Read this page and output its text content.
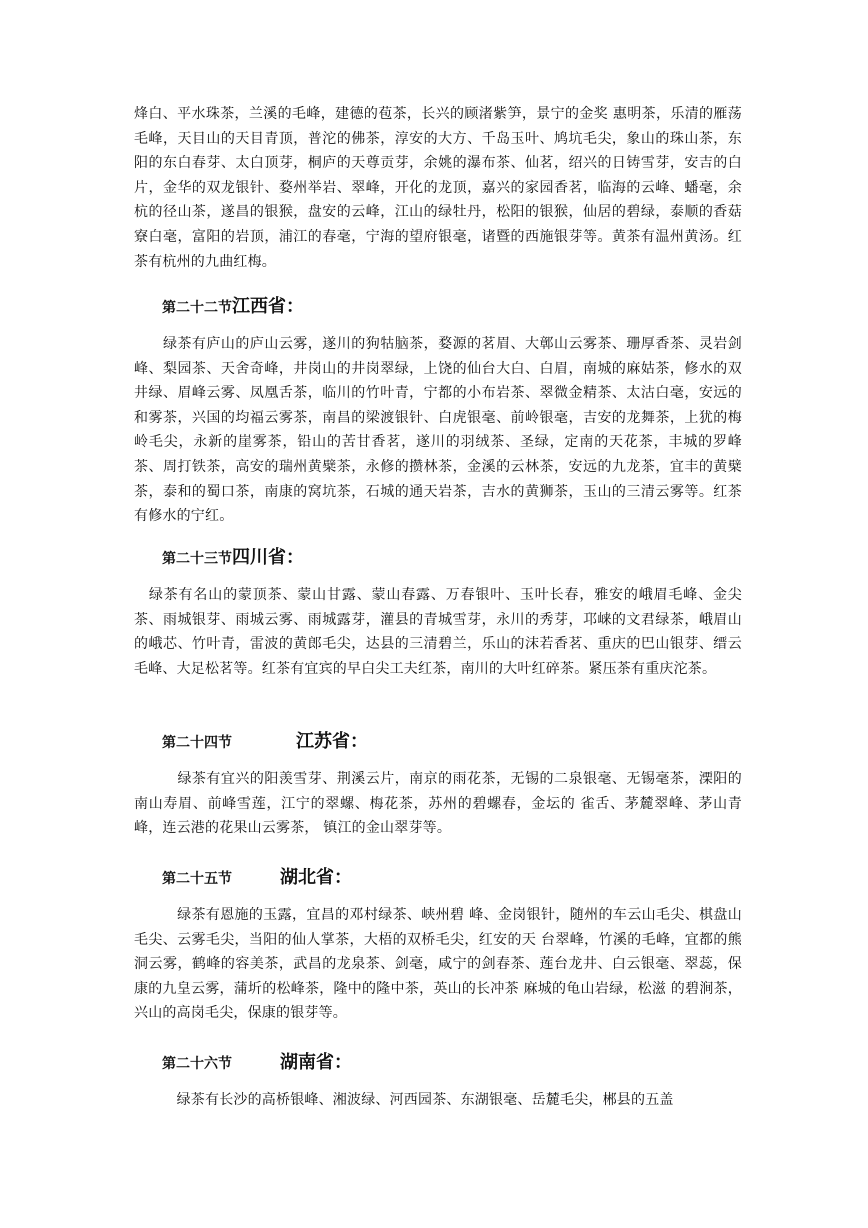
烽白、平水珠茶，兰溪的毛峰，建德的苞茶，长兴的顾渚紫笋，景宁的金奖 惠明茶，乐清的雁荡毛峰，天目山的天目青顶，普沱的佛茶，淳安的大方、千岛玉叶、鸠坑毛尖，象山的珠山茶，东阳的东白春芽、太白顶芽，桐庐的天尊贡芽，余姚的瀑布茶、仙茗，绍兴的日铸雪芽，安吉的白片，金华的双龙银针、婺州举岩、翠峰，开化的龙顶，嘉兴的家园香茗，临海的云峰、蟠毫，余杭的径山茶，遂昌的银猴，盘安的云峰，江山的绿牡丹，松阳的银猴，仙居的碧绿，泰顺的香菇寮白毫，富阳的岩顶，浦江的春毫，宁海的望府银毫，诸暨的西施银芽等。黄茶有温州黄汤。红茶有杭州的九曲红梅。

第二十二节江西省：

　　绿茶有庐山的庐山云雾，遂川的狗牯脑茶，婺源的茗眉、大鄣山云雾茶、珊厚香茶、灵岩剑峰、梨园茶、天舍奇峰，井岗山的井岗翠绿，上饶的仙台大白、白眉，南城的麻姑茶，修水的双井绿、眉峰云雾、凤凰舌茶，临川的竹叶青，宁都的小布岩茶、翠微金精茶、太沽白毫，安远的和雾茶，兴国的均福云雾茶，南昌的梁渡银针、白虎银毫、前岭银毫，吉安的龙舞茶，上犹的梅岭毛尖，永新的崖雾茶，铅山的苦甘香茗，遂川的羽绒茶、圣绿，定南的天花茶，丰城的罗峰茶、周打铁茶，高安的瑞州黄檗茶，永修的攒林茶，金溪的云林茶，安远的九龙茶，宜丰的黄檗茶，泰和的蜀口茶，南康的窝坑茶，石城的通天岩茶，吉水的黄狮茶，玉山的三清云雾等。红茶有修水的宁红。

第二十三节四川省：

　绿茶有名山的蒙顶茶、蒙山甘露、蒙山春露、万春银叶、玉叶长春，雅安的峨眉毛峰、金尖茶、雨城银芽、雨城云雾、雨城露芽，灌县的青城雪芽，永川的秀芽，邛崃的文君绿茶，峨眉山的峨芯、竹叶青，雷波的黄郎毛尖，达县的三清碧兰，乐山的沫若香茗、重庆的巴山银芽、缙云毛峰、大足松茗等。红茶有宜宾的早白尖工夫红茶，南川的大叶红碎茶。紧压茶有重庆沱茶。

第二十四节	江苏省：

　　　绿茶有宜兴的阳羡雪芽、荆溪云片，南京的雨花茶，无锡的二泉银毫、无锡毫茶，溧阳的南山寿眉、前峰雪莲，江宁的翠螺、梅花茶，苏州的碧螺春，金坛的 雀舌、茅麓翠峰、茅山青峰，连云港的花果山云雾茶， 镇江的金山翠芽等。

第二十五节	湖北省：

　　　绿茶有恩施的玉露，宜昌的邓村绿茶、峡州碧 峰、金岗银针，随州的车云山毛尖、棋盘山毛尖、云雾毛尖，当阳的仙人掌茶，大梧的双桥毛尖，红安的天 台翠峰，竹溪的毛峰，宜都的熊洞云雾，鹤峰的容美茶，武昌的龙泉茶、剑毫，咸宁的剑春茶、莲台龙井、白云银毫、翠蕊，保康的九皇云雾，蒲圻的松峰茶，隆中的隆中茶，英山的长冲茶 麻城的龟山岩绿，松滋 的碧涧茶，兴山的高岗毛尖，保康的银芽等。

第二十六节	湖南省：

　　　绿茶有长沙的高桥银峰、湘波绿、河西园茶、东湖银毫、岳麓毛尖，郴县的五盖
